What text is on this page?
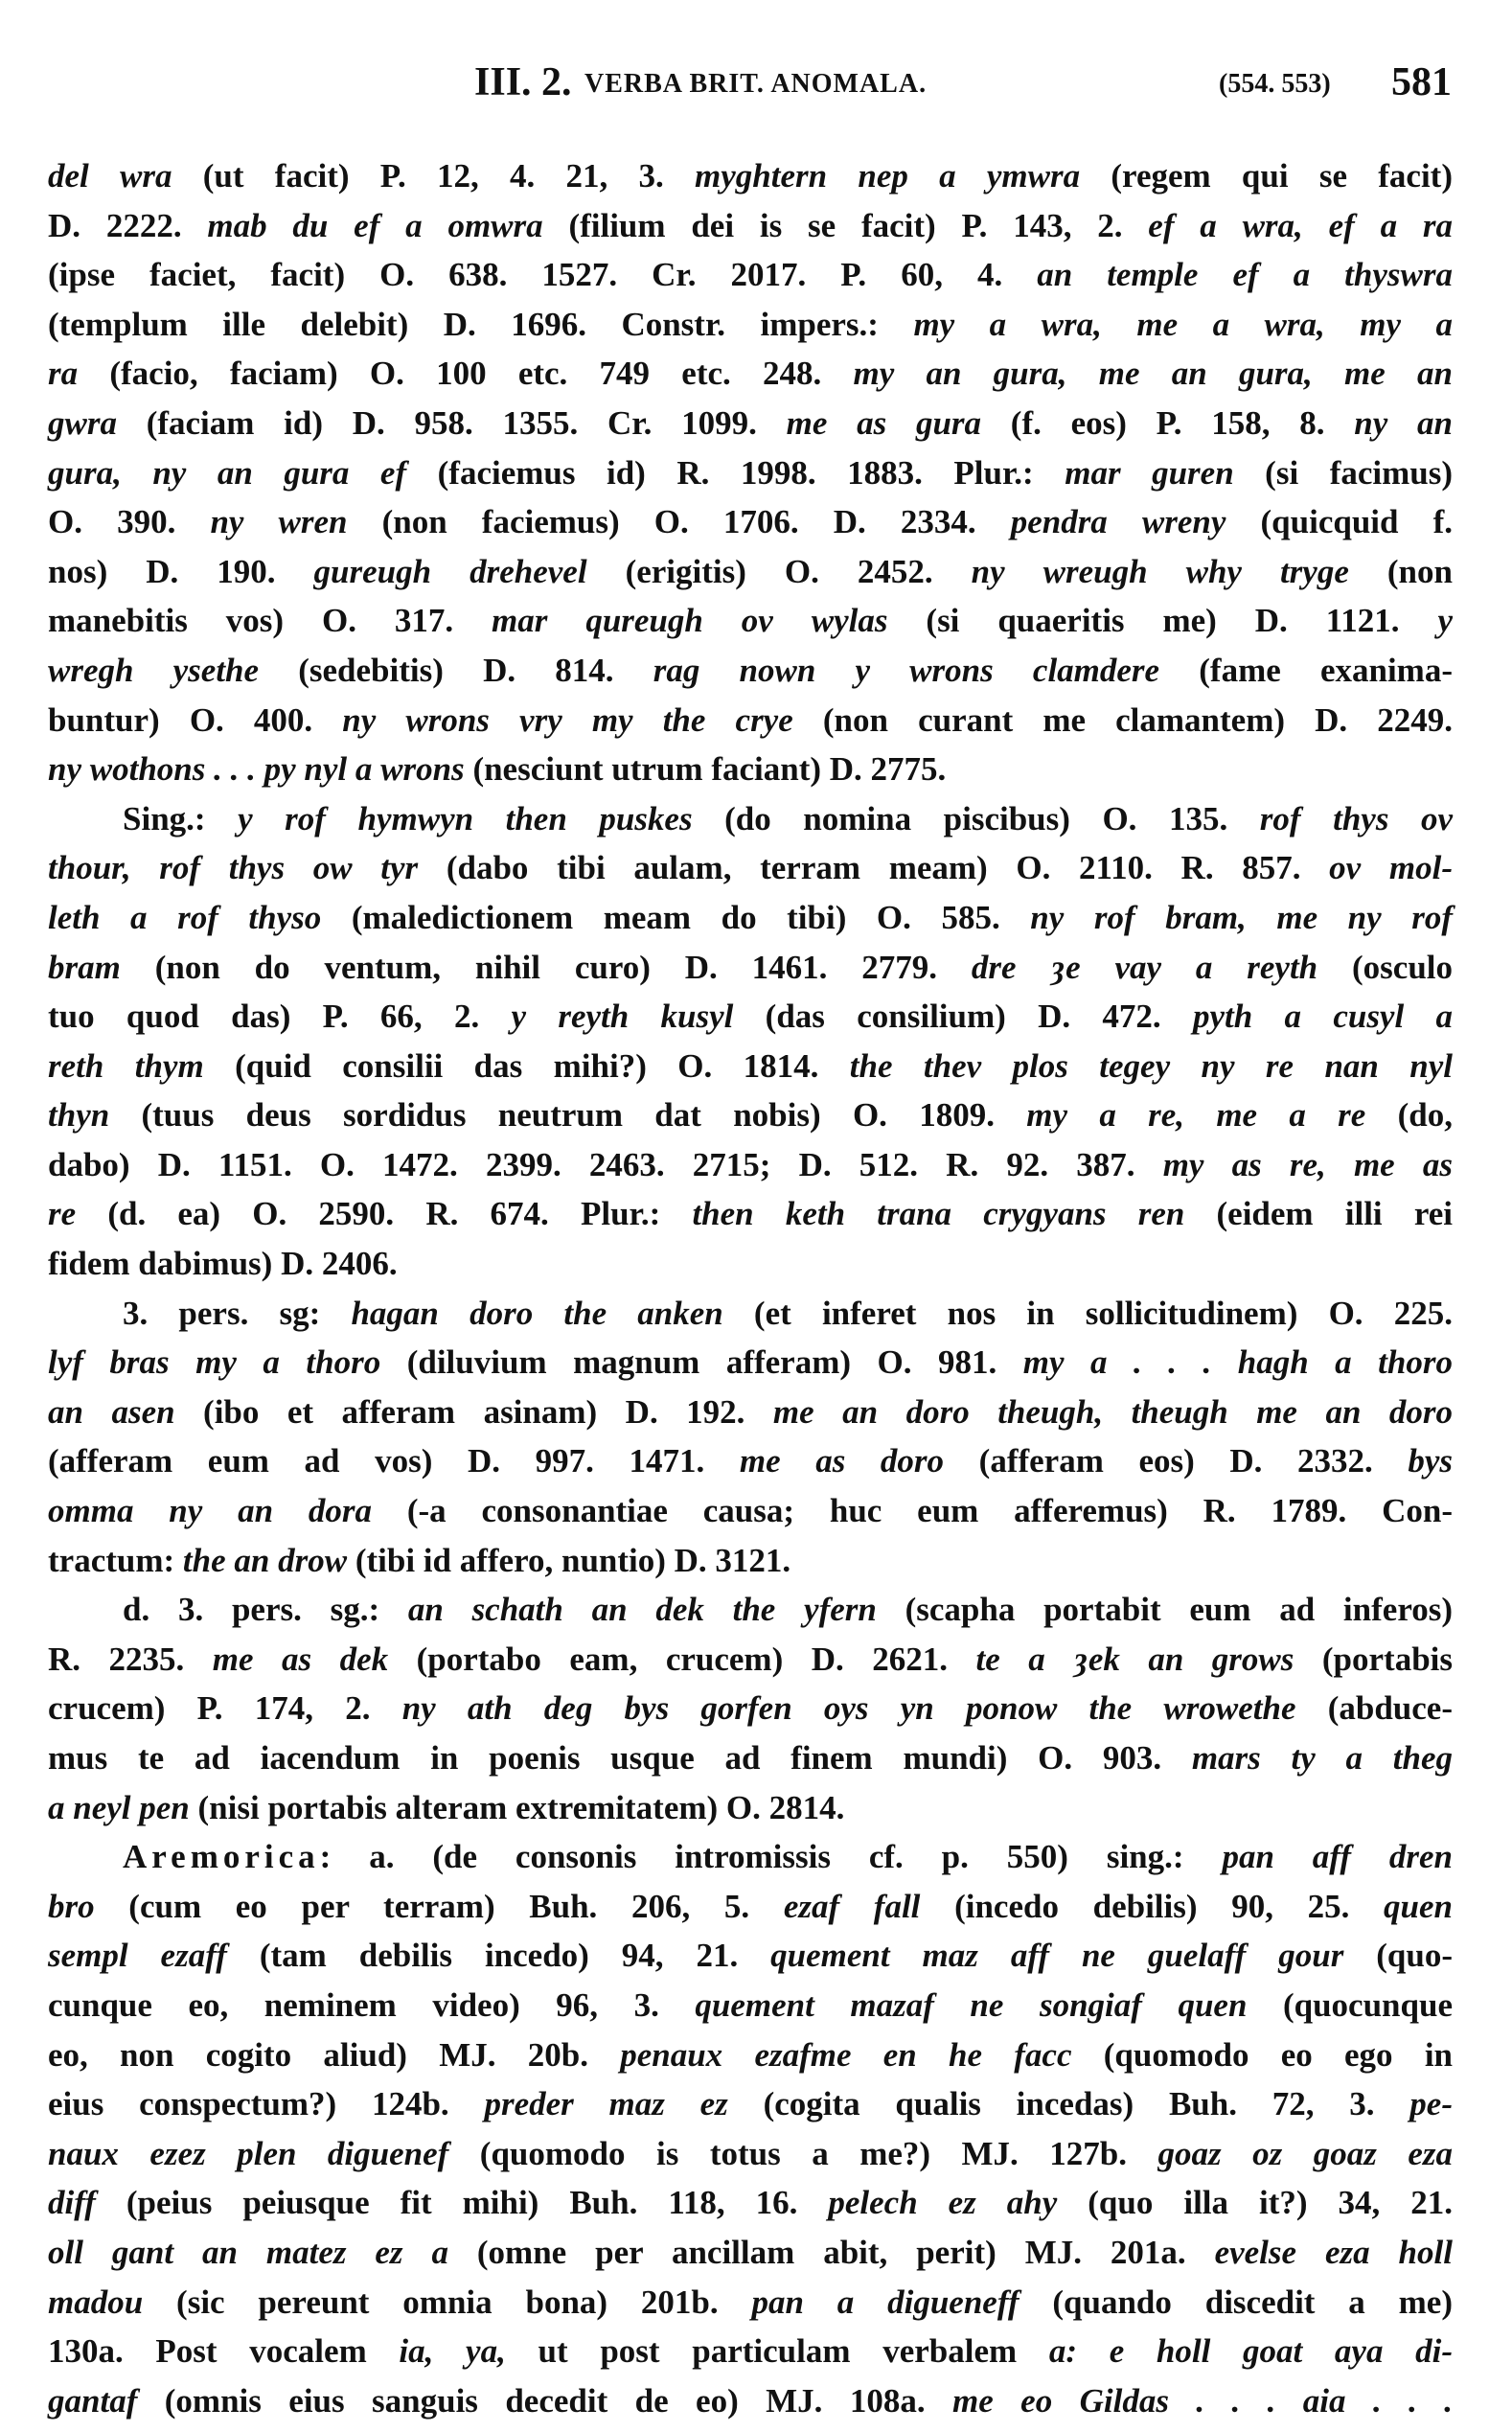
III. 2. VERBA BRIT. ANOMALA.	(554. 553) 581
del wra (ut facit) P. 12, 4. 21, 3. myghtern nep a ymwra (regem qui se facit)
D. 2222. mab du ef a omwra (filium dei is se facit) P. 143, 2. ef a wra, ef a ra
(ipse faciet, facit) O. 638. 1527. Cr. 2017. P. 60, 4. an temple ef a thyswra
(templum ille delebit) D. 1696. Constr. impers.: my a wra, me a wra, my a
ra (facio, faciam) O. 100 etc. 749 etc. 248. my an gura, me an gura, me an
gwra (faciam id) D. 958. 1355. Cr. 1099. me as gura (f. eos) P. 158, 8. ny an
gura, ny an gura ef (faciemus id) R. 1998. 1883. Plur.: mar guren (si facimus)
O. 390. ny wren (non faciemus) O. 1706. D. 2334. pendra wreny (quicquid f.
nos) D. 190. gureugh drehevel (erigitis) O. 2452. ny wreugh why tryge (non
manebitis vos) O. 317. mar qureugh ov wylas (si quaeritis me) D. 1121. y
wregh ysethe (sedebitis) D. 814. rag nown y wrons clamdere (fame exanima-
buntur) O. 400. ny wrons vry my the crye (non curant me clamantem) D. 2249.
ny wothons . . . py nyl a wrons (nesciunt utrum faciant) D. 2775.
Sing.: y rof hymwyn then puskes (do nomina piscibus) O. 135. rof thys ov
thour, rof thys ow tyr (dabo tibi aulam, terram meam) O. 2110. R. 857. ov mol-
leth a rof thyso (maledictionem meam do tibi) O. 585. ny rof bram, me ny rof
bram (non do ventum, nihil curo) D. 1461. 2779. dre ȝe vay a reyth (osculo
tuo quod das) P. 66, 2. y reyth kusyl (das consilium) D. 472. pyth a cusyl a
reth thym (quid consilii das mihi?) O. 1814. the thev plos tegey ny re nan nyl
thyn (tuus deus sordidus neutrum dat nobis) O. 1809. my a re, me a re (do,
dabo) D. 1151. O. 1472. 2399. 2463. 2715; D. 512. R. 92. 387. my as re, me as
re (d. ea) O. 2590. R. 674. Plur.: then keth trana crygyans ren (eidem illi rei
fidem dabimus) D. 2406.
3. pers. sg: hagan doro the anken (et inferet nos in sollicitudinem) O. 225.
lyf bras my a thoro (diluvium magnum afferam) O. 981. my a . . . hagh a thoro
an asen (ibo et afferam asinam) D. 192. me an doro theugh, theugh me an doro
(afferam eum ad vos) D. 997. 1471. me as doro (afferam eos) D. 2332. bys
omma ny an dora (-a consonantiae causa; huc eum afferemus) R. 1789. Con-
tractum: the an drow (tibi id affero, nuntio) D. 3121.
d. 3. pers. sg.: an schath an dek the yfern (scapha portabit eum ad inferos)
R. 2235. me as dek (portabo eam, crucem) D. 2621. te a ȝek an grows (portabis
crucem) P. 174, 2. ny ath deg bys gorfen oys yn ponow the wrowethe (abduce-
mus te ad iacendum in poenis usque ad finem mundi) O. 903. mars ty a theg
a neyl pen (nisi portabis alteram extremitatem) O. 2814.
Aremorica: a. (de consonis intromissis cf. p. 550) sing.: pan aff dren
bro (cum eo per terram) Buh. 206, 5. ezaf fall (incedo debilis) 90, 25. quen
sempl ezaff (tam debilis incedo) 94, 21. quement maz aff ne guelaff gour (quo-
cunque eo, neminem video) 96, 3. quement mazaf ne songiaf quen (quocunque
eo, non cogito aliud) MJ. 20b. penaux ezafme en he facc (quomodo eo ego in
eius conspectum?) 124b. preder maz ez (cogita qualis incedas) Buh. 72, 3. pe-
naux ezez plen diguenef (quomodo is totus a me?) MJ. 127b. goaz oz goaz eza
diff (peius peiusque fit mihi) Buh. 118, 16. pelech ez ahy (quo illa it?) 34, 21.
oll gant an matez ez a (omne per ancillam abit, perit) MJ. 201a. evelse eza holl
madou (sic pereunt omnia bona) 201b. pan a digueneff (quando discedit a me)
130a. Post vocalem ia, ya, ut post particulam verbalem a: e holl goat aya di-
gantaf (omnis eius sanguis decedit de eo) MJ. 108a. me eo Gildas . . . aia . . .
